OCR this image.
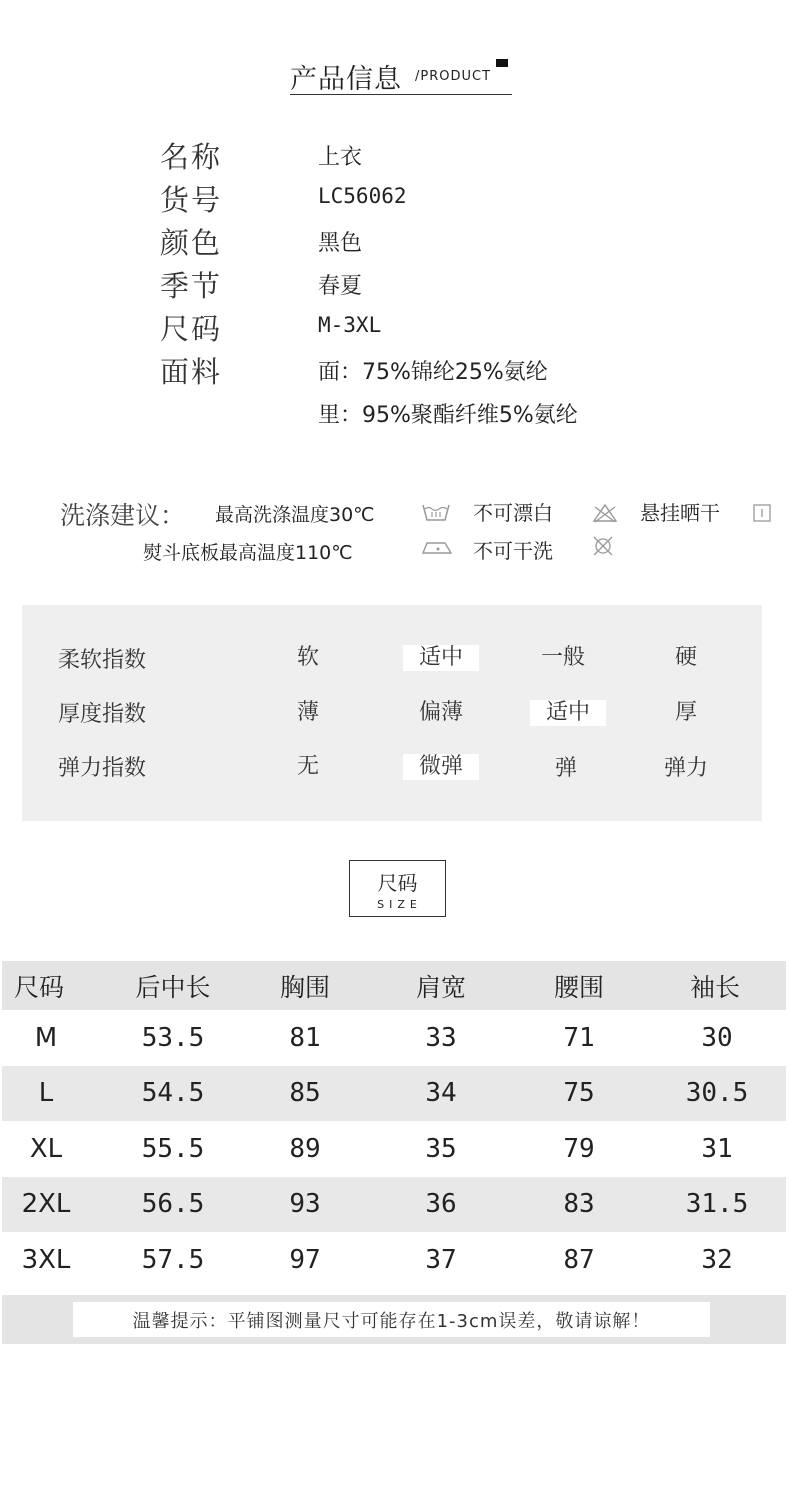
产品信息 /PRODUCT
名称	上衣
货号	LC56062
颜色	黑色
季节	春夏
尺码	M-3XL
面料	面：75%锦纶25%氨纶
里：95%聚酯纤维5%氨纶
洗涤建议： 最高洗涤温度30℃	不可漂白	悬挂晒干
熨斗底板最高温度110℃	不可干洗
柔软指数	软	适中	一般	硬
厚度指数	薄	偏薄	适中	厚
弹力指数	无	微弹	弹	弹力
尺码
SIZE
尺码	后中长	胸围	肩宽	腰围	袖长
M	53.5	81	33	71	30
L	54.5	85	34	75	30.5
XL	55.5	89	35	79	31
2XL	56.5	93	36	83	31.5
3XL	57.5	97	37	87	32
温馨提示：平铺图测量尺寸可能存在1-3cm误差，敬请谅解！
